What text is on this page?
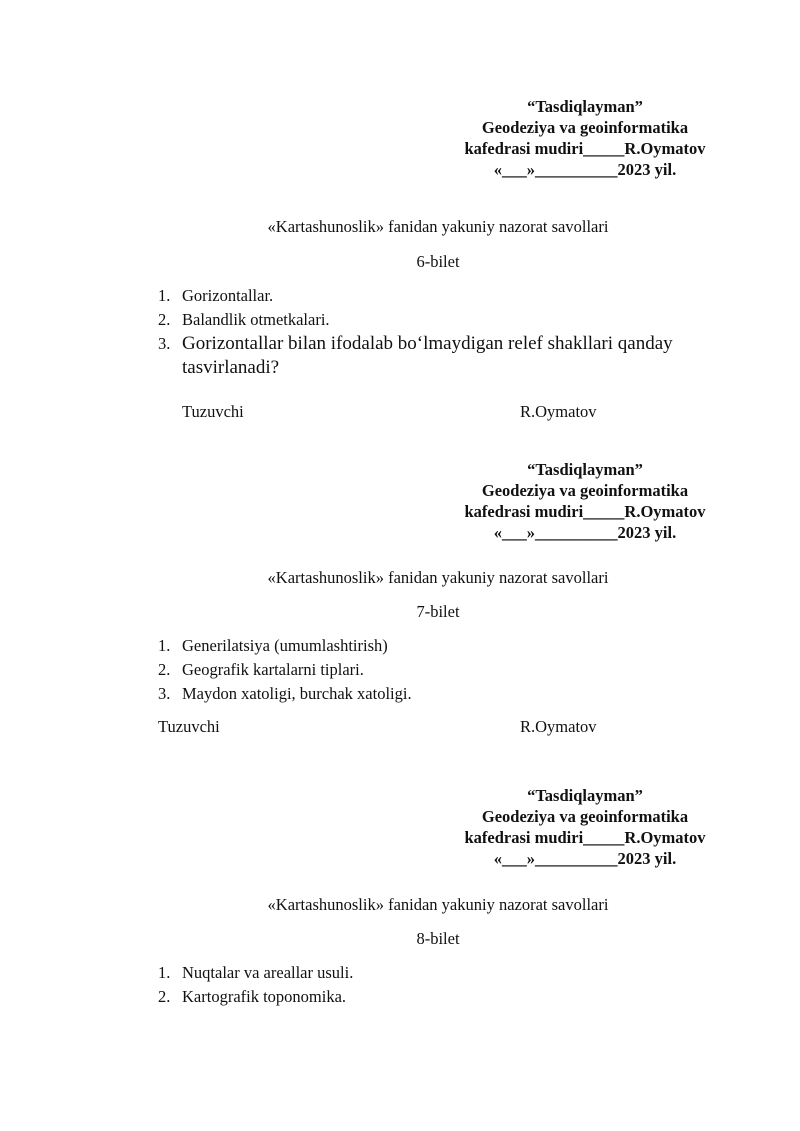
“Tasdiqlayman”
Geodeziya va geoinformatika
kafedrasi mudiri_____R.Oymatov
«___»__________2023 yil.
«Kartashunoslik» fanidan yakuniy nazorat savollari
6-bilet
1. Gorizontallar.
2. Balandlik otmetkalari.
3. Gorizontallar bilan ifodalab bo‘lmaydigan relef shakllari qanday tasvirlanadi?
Tuzuvchi	R.Oymatov
“Tasdiqlayman”
Geodeziya va geoinformatika
kafedrasi mudiri_____R.Oymatov
«___»__________2023 yil.
«Kartashunoslik» fanidan yakuniy nazorat savollari
7-bilet
1. Generilatsiya (umumlashtirish)
2. Geografik kartalarni tiplari.
3. Maydon xatoligi, burchak xatoligi.
Tuzuvchi	R.Oymatov
“Tasdiqlayman”
Geodeziya va geoinformatika
kafedrasi mudiri_____R.Oymatov
«___»__________2023 yil.
«Kartashunoslik» fanidan yakuniy nazorat savollari
8-bilet
1. Nuqtalar va areallar usuli.
2. Kartografik toponomika.
